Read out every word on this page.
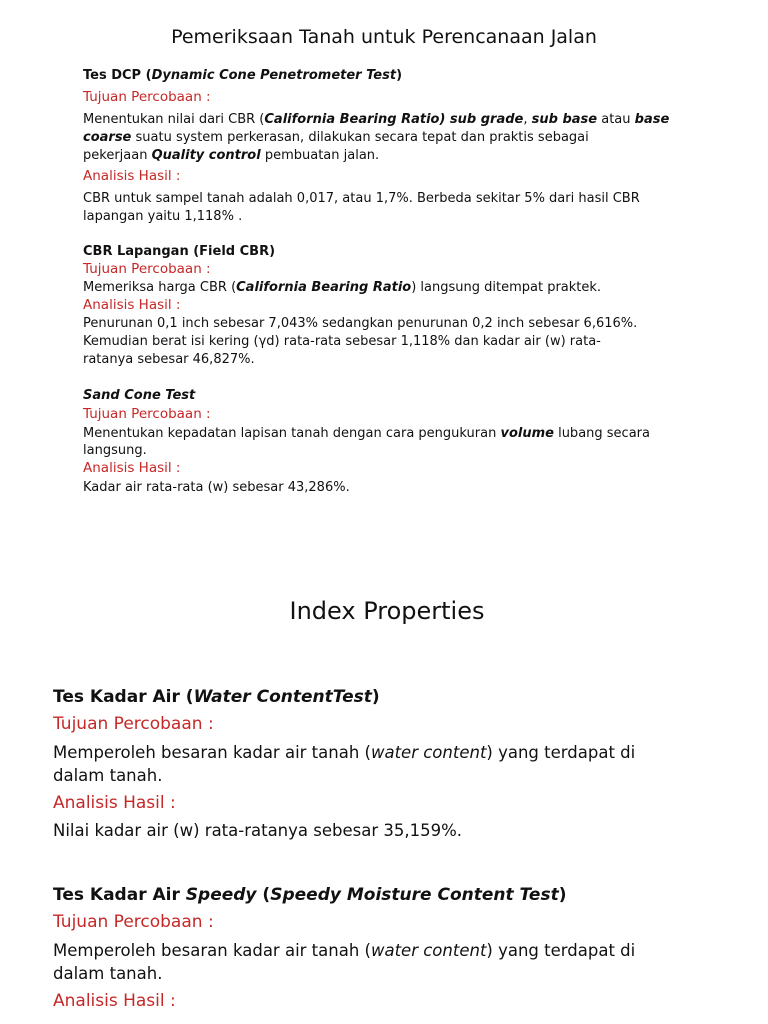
Pemeriksaan Tanah untuk Perencanaan Jalan
Tes DCP (Dynamic Cone Penetrometer Test)
Tujuan Percobaan :
Menentukan nilai dari CBR (California Bearing Ratio) sub grade, sub base atau base
coarse suatu system perkerasan, dilakukan secara tepat dan praktis sebagai
pekerjaan Quality control pembuatan jalan.
Analisis Hasil :
CBR untuk sampel tanah adalah 0,017, atau 1,7%. Berbeda sekitar 5% dari hasil CBR
lapangan yaitu 1,118% .
CBR Lapangan (Field CBR)
Tujuan Percobaan :
Memeriksa harga CBR (California Bearing Ratio) langsung ditempat praktek.
Analisis Hasil :
Penurunan 0,1 inch sebesar 7,043% sedangkan penurunan 0,2 inch sebesar 6,616%.
Kemudian berat isi kering (γd) rata-rata sebesar 1,118% dan kadar air (w) rata-
ratanya sebesar 46,827%.
Sand Cone Test
Tujuan Percobaan :
Menentukan kepadatan lapisan tanah dengan cara pengukuran volume lubang secara
langsung.
Analisis Hasil :
Kadar air rata-rata (w) sebesar 43,286%.
Index Properties
Tes Kadar Air (Water ContentTest)
Tujuan Percobaan :
Memperoleh besaran kadar air tanah (water content) yang terdapat di
dalam tanah.
Analisis Hasil :
Nilai kadar air (w) rata-ratanya sebesar 35,159%.
Tes Kadar Air Speedy (Speedy Moisture Content Test)
Tujuan Percobaan :
Memperoleh besaran kadar air tanah (water content) yang terdapat di
dalam tanah.
Analisis Hasil :
